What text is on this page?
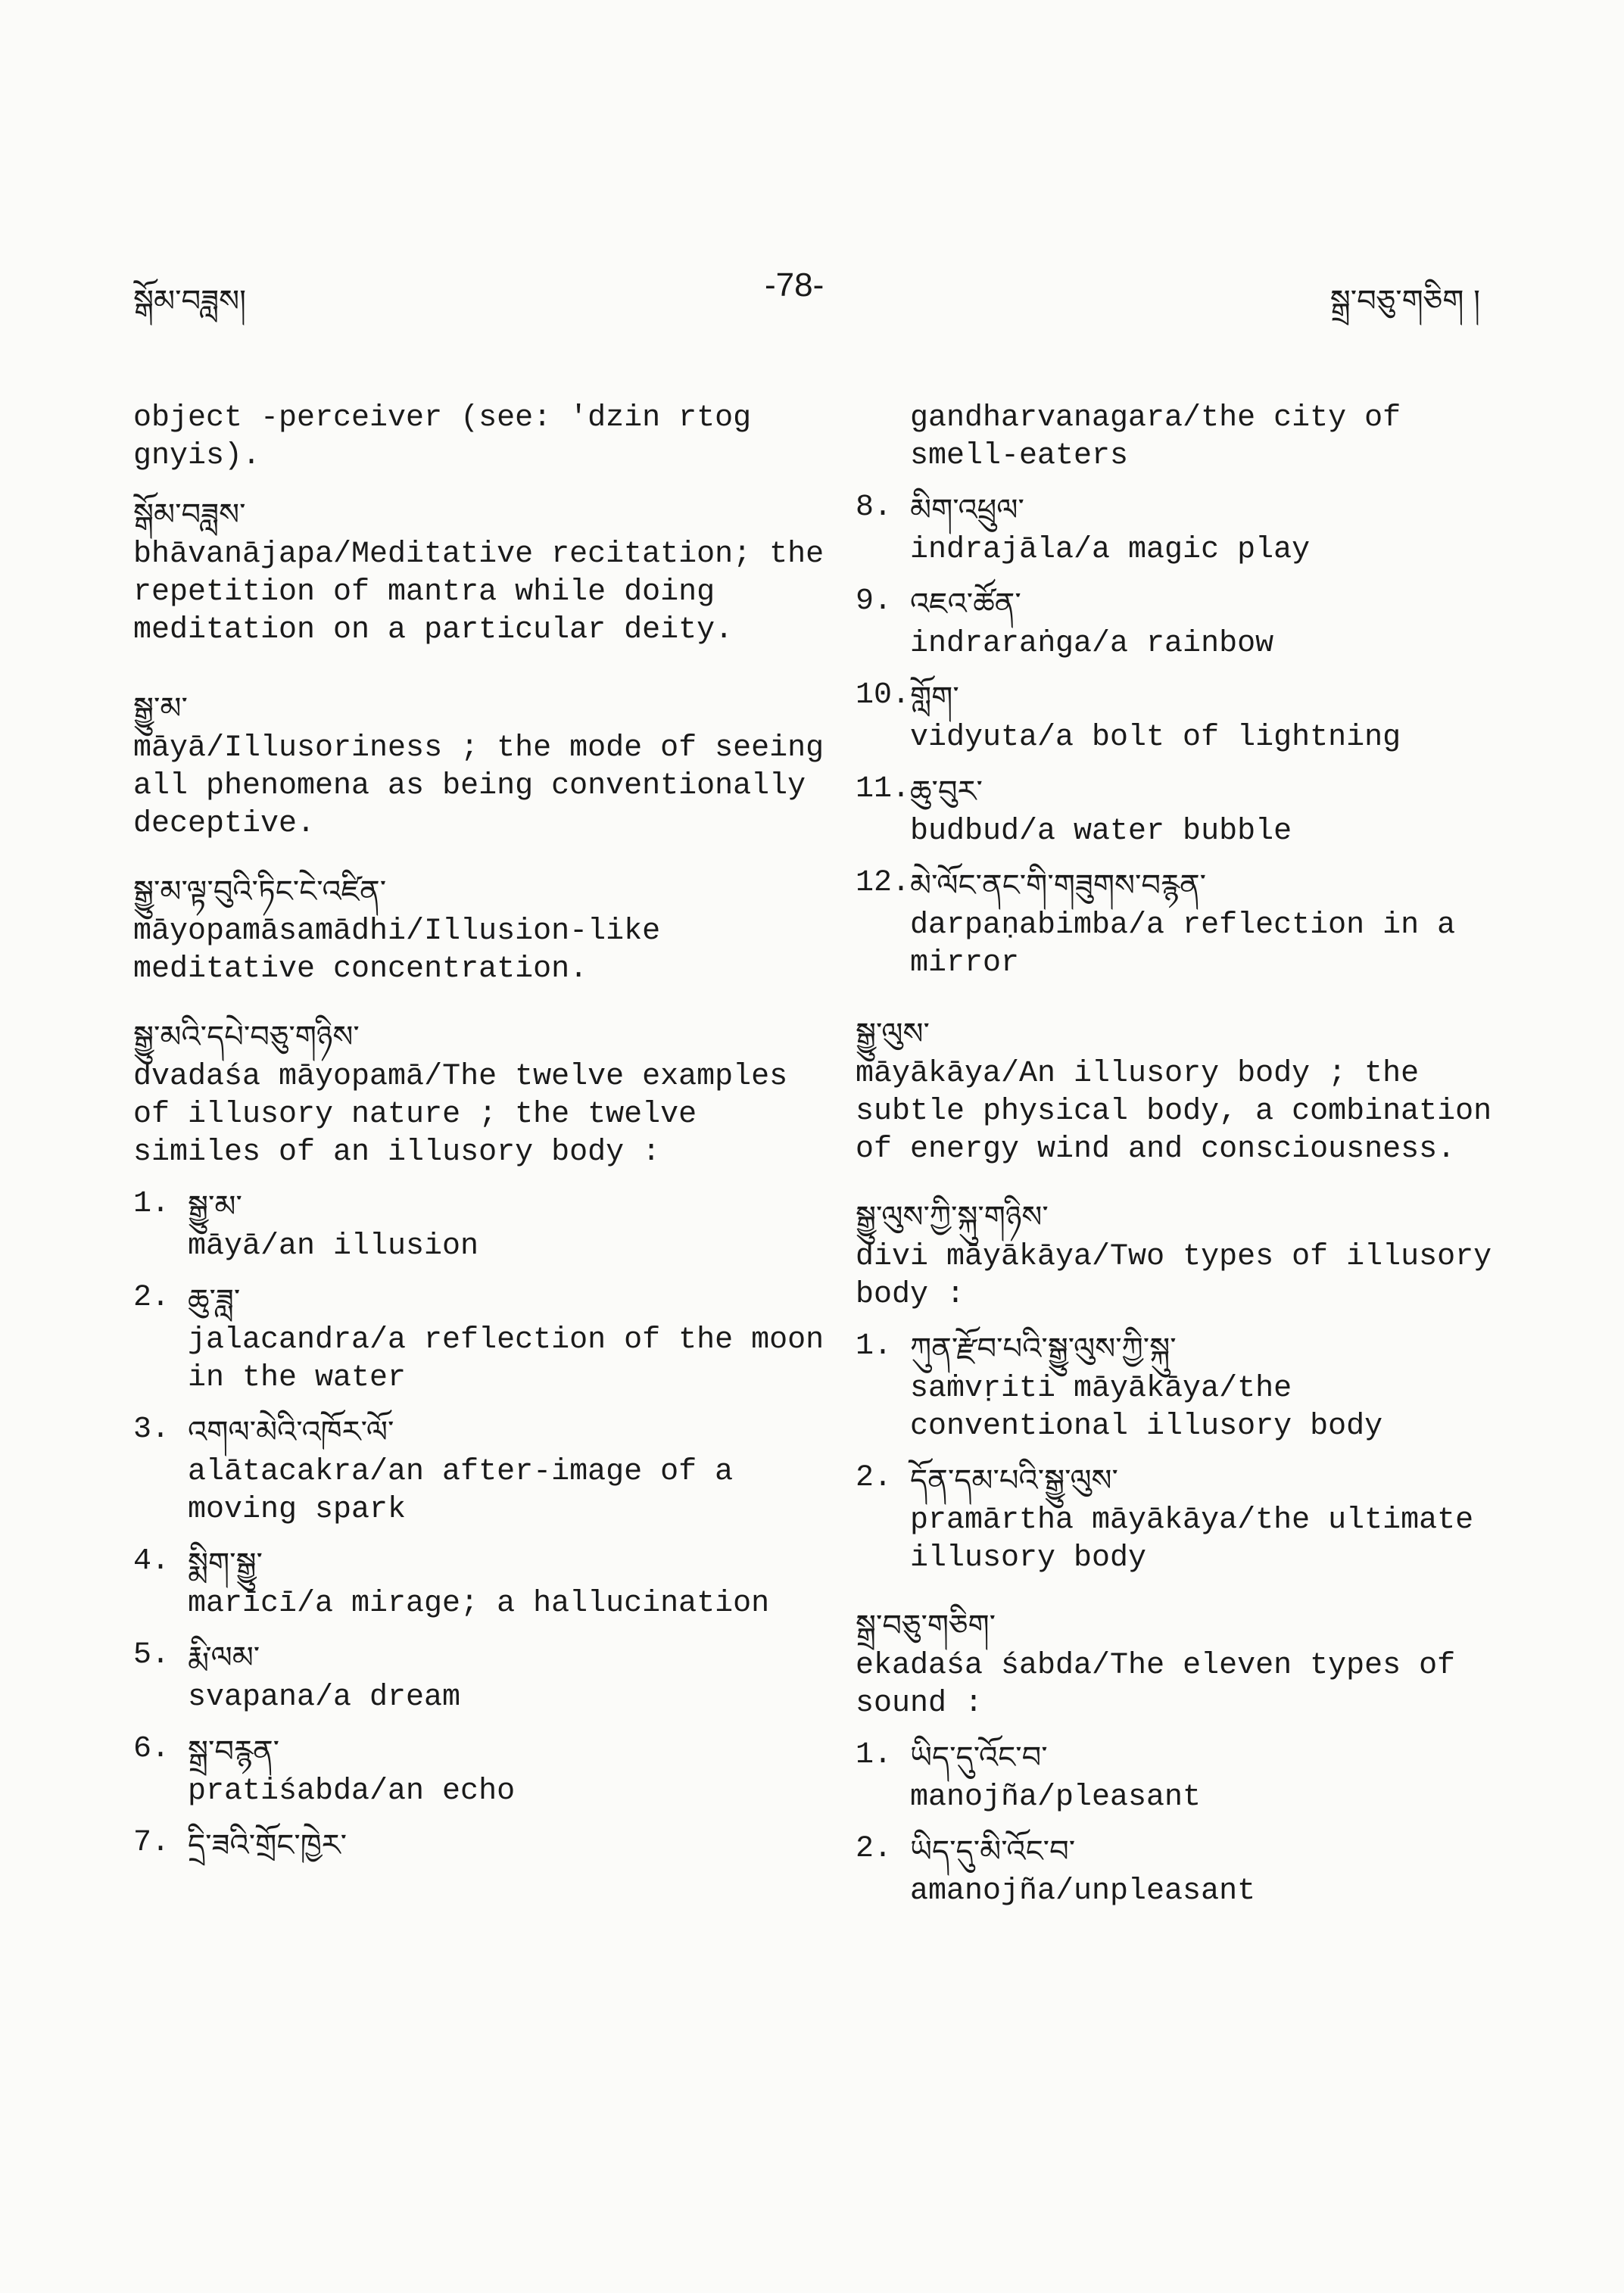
སྒོམ་བཟླས།	-78-	སྒྲ་བཅུ་གཅིག །

object -perceiver (see: 'dzin rtog gnyis).

སྒོམ་བཟླས་

bhāvanājapa/Meditative recitation; the repetition of mantra while doing meditation on a particular deity.

སྒྱུ་མ་

māyā/Illusoriness ; the mode of seeing all phenomena as being conventionally deceptive.

སྒྱུ་མ་ལྟ་བུའི་ཏིང་ངེ་འཛིན་

māyopamāsamādhi/Illusion-like meditative concentration.

སྒྱུ་མའི་དཔེ་བཅུ་གཉིས་

dvadaśa māyopamā/The twelve examples of illusory nature ; the twelve similes of an illusory body :

1. སྒྱུ་མ་
māyā/an illusion
2. ཆུ་ཟླ་
jalacandra/a reflection of the moon in the water
3. འགལ་མེའི་འཁོར་ལོ་
alātacakra/an after-image of a moving spark
4. སྨིག་སྒྱུ་
marīcī/a mirage; a hallucination
5. རྨི་ལམ་
svapana/a dream
6. སྒྲ་བརྙན་
pratiśabda/an echo
7. དྲི་ཟའི་གྲོང་ཁྱེར་

gandharvanagara/the city of smell-eaters

8. མིག་འཕྲུལ་
indrajāla/a magic play
9. འཇའ་ཚོན་
indraraṅga/a rainbow
10. གློག་
vidyuta/a bolt of lightning
11. ཆུ་བུར་
budbud/a water bubble
12. མེ་ལོང་ནང་གི་གཟུགས་བརྙན་
darpaṇabimba/a reflection in a mirror
སྒྱུ་ལུས་

māyākāya/An illusory body ; the subtle physical body, a combination of energy wind and consciousness.

སྒྱུ་ལུས་ཀྱི་སྐུ་གཉིས་

divi māyākāya/Two types of illusory body :

1. ཀུན་རྫོབ་པའི་སྒྱུ་ལུས་ཀྱི་སྐུ་
saṁvṛiti māyākāya/the conventional illusory body
2. དོན་དམ་པའི་སྒྱུ་ལུས་
pramārtha māyākāya/the ultimate illusory body
སྒྲ་བཅུ་གཅིག་

ekadaśa śabda/The eleven types of sound :

1. ཡིད་དུ་འོང་བ་
manojña/pleasant
2. ཡིད་དུ་མི་འོང་བ་
amanojña/unpleasant
